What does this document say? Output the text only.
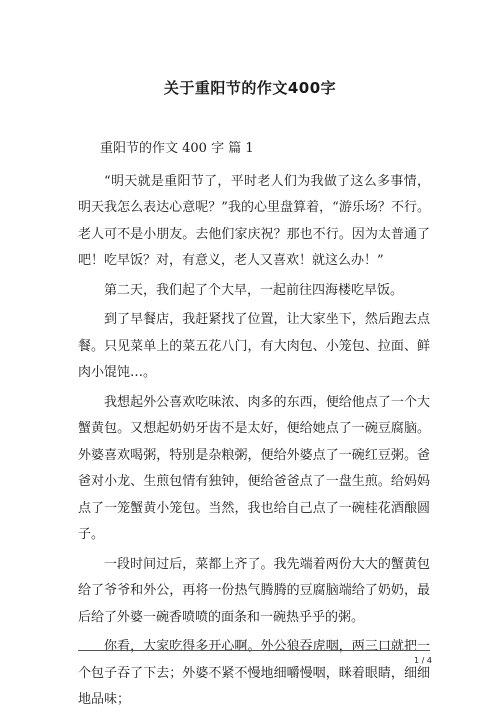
关于重阳节的作文400字

重阳节的作文 400 字 篇 1

“明天就是重阳节了，平时老人们为我做了这么多事情，明天我怎么表达心意呢？”我的心里盘算着，“游乐场？不行。老人可不是小朋友。去他们家庆祝？那也不行。因为太普通了吧！吃早饭？对，有意义，老人又喜欢！就这么办！”

第二天，我们起了个大早，一起前往四海楼吃早饭。

到了早餐店，我赶紧找了位置，让大家坐下，然后跑去点餐。只见菜单上的菜五花八门，有大肉包、小笼包、拉面、鲜肉小馄饨…。

我想起外公喜欢吃味浓、肉多的东西，便给他点了一个大蟹黄包。又想起奶奶牙齿不是太好，便给她点了一碗豆腐脑。外婆喜欢喝粥，特别是杂粮粥，便给外婆点了一碗红豆粥。爸爸对小龙、生煎包情有独钟，便给爸爸点了一盘生煎。给妈妈点了一笼蟹黄小笼包。当然，我也给自己点了一碗桂花酒酿圆子。

一段时间过后，菜都上齐了。我先端着两份大大的蟹黄包给了爷爷和外公，再将一份热气腾腾的豆腐脑端给了奶奶，最后给了外婆一碗香喷喷的面条和一碗热乎乎的粥。

你看，大家吃得多开心啊。外公狼吞虎咽，两三口就把一个包子吞了下去；外婆不紧不慢地细嚼慢咽，眯着眼睛，细细地品味；

1 / 4
